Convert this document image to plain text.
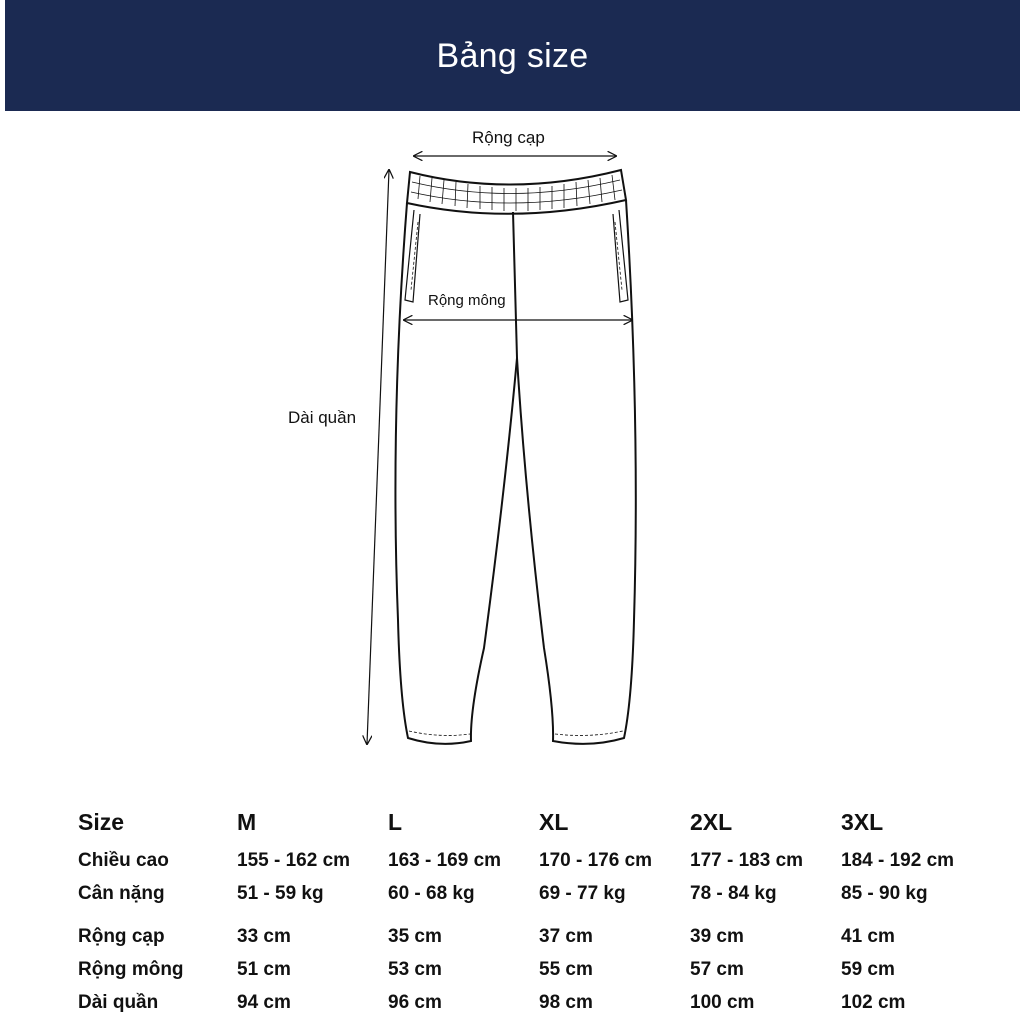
Bảng size
Rộng cạp
Rộng mông
Dài quần
Size	M	L	XL	2XL	3XL
Chiều cao	155 - 162 cm	163 - 169 cm	170 - 176 cm	177 - 183 cm	184 - 192 cm
Cân nặng	51 - 59 kg	60 - 68 kg	69 - 77 kg	78 - 84 kg	85 - 90 kg

Rộng cạp	33 cm	35 cm	37 cm	39 cm	41 cm
Rộng mông	51 cm	53 cm	55 cm	57 cm	59 cm
Dài quần	94 cm	96 cm	98 cm	100 cm	102 cm
